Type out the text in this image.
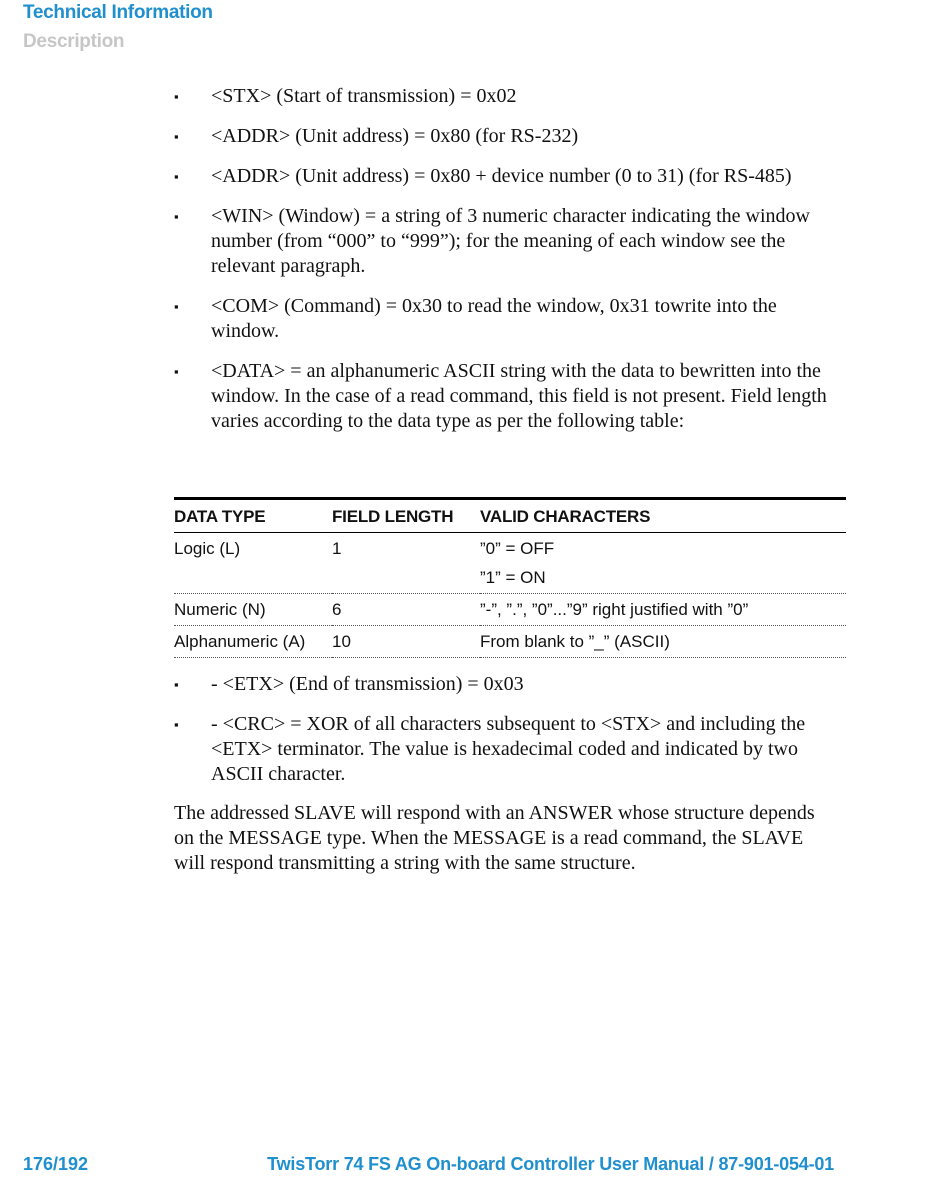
Technical Information
Description
▪ <STX> (Start of transmission) = 0x02
▪ <ADDR> (Unit address) = 0x80 (for RS-232)
▪ <ADDR> (Unit address) = 0x80 + device number (0 to 31) (for RS-485)
▪ <WIN> (Window) = a string of 3 numeric character indicating the window number (from “000” to “999”); for the meaning of each window see the relevant paragraph.
▪ <COM> (Command) = 0x30 to read the window, 0x31 towrite into the window.
▪ <DATA> = an alphanumeric ASCII string with the data to bewritten into the window. In the case of a read command, this field is not present. Field length varies according to the data type as per the following table:
DATA TYPE	FIELD LENGTH	VALID CHARACTERS
Logic (L)	1	”0” = OFF
”1” = ON

Numeric (N)	6	”-”, ”.”, ”0”...”9” right justified with ”0”
Alphanumeric (A)	10	From blank to ”_” (ASCII)
▪ - <ETX> (End of transmission) = 0x03
▪ - <CRC> = XOR of all characters subsequent to <STX> and including the <ETX> terminator. The value is hexadecimal coded and indicated by two ASCII character.
The addressed SLAVE will respond with an ANSWER whose structure depends on the MESSAGE type. When the MESSAGE is a read command, the SLAVE will respond transmitting a string with the same structure.
176/192	TwisTorr 74 FS AG On-board Controller User Manual / 87-901-054-01
